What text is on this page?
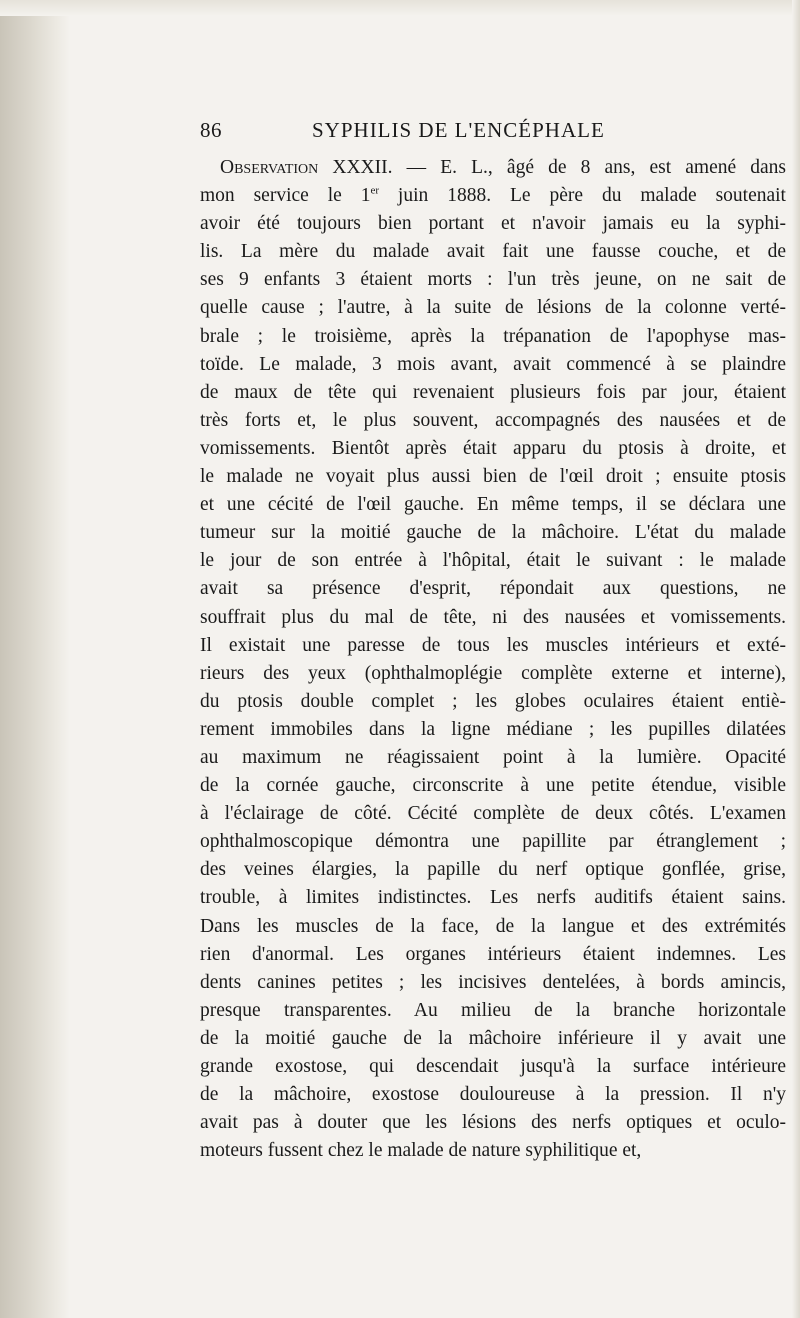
86	SYPHILIS DE L'ENCÉPHALE
Observation XXXII. — E. L., âgé de 8 ans, est amené dans
mon service le 1er juin 1888. Le père du malade soutenait
avoir été toujours bien portant et n'avoir jamais eu la syphi-
lis. La mère du malade avait fait une fausse couche, et de
ses 9 enfants 3 étaient morts : l'un très jeune, on ne sait de
quelle cause ; l'autre, à la suite de lésions de la colonne verté-
brale ; le troisième, après la trépanation de l'apophyse mas-
toïde. Le malade, 3 mois avant, avait commencé à se plaindre
de maux de tête qui revenaient plusieurs fois par jour, étaient
très forts et, le plus souvent, accompagnés des nausées et de
vomissements. Bientôt après était apparu du ptosis à droite, et
le malade ne voyait plus aussi bien de l'œil droit ; ensuite ptosis
et une cécité de l'œil gauche. En même temps, il se déclara une
tumeur sur la moitié gauche de la mâchoire. L'état du malade
le jour de son entrée à l'hôpital, était le suivant : le malade
avait sa présence d'esprit, répondait aux questions, ne
souffrait plus du mal de tête, ni des nausées et vomissements.
Il existait une paresse de tous les muscles intérieurs et exté-
rieurs des yeux (ophthalmoplégie complète externe et interne),
du ptosis double complet ; les globes oculaires étaient entiè-
rement immobiles dans la ligne médiane ; les pupilles dilatées
au maximum ne réagissaient point à la lumière. Opacité
de la cornée gauche, circonscrite à une petite étendue, visible
à l'éclairage de côté. Cécité complète de deux côtés. L'examen
ophthalmoscopique démontra une papillite par étranglement ;
des veines élargies, la papille du nerf optique gonflée, grise,
trouble, à limites indistinctes. Les nerfs auditifs étaient sains.
Dans les muscles de la face, de la langue et des extrémités
rien d'anormal. Les organes intérieurs étaient indemnes. Les
dents canines petites ; les incisives dentelées, à bords amincis,
presque transparentes. Au milieu de la branche horizontale
de la moitié gauche de la mâchoire inférieure il y avait une
grande exostose, qui descendait jusqu'à la surface intérieure
de la mâchoire, exostose douloureuse à la pression. Il n'y
avait pas à douter que les lésions des nerfs optiques et oculo-
moteurs fussent chez le malade de nature syphilitique et,
